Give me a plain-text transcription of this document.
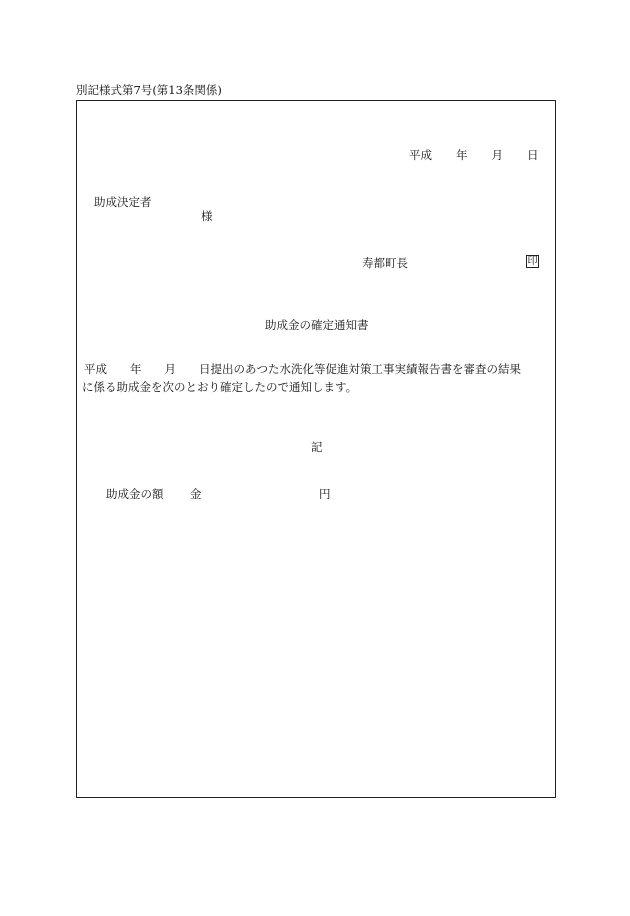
別記様式第7号(第13条関係)
平成 年 月 日
助成決定者
様
寿都町長	印
助成金の確定通知書
平成　　年　　月　　日提出のあつた水洗化等促進対策工事実績報告書を審査の結果
に係る助成金を次のとおり確定したので通知します。
記
助成金の額 金	円
